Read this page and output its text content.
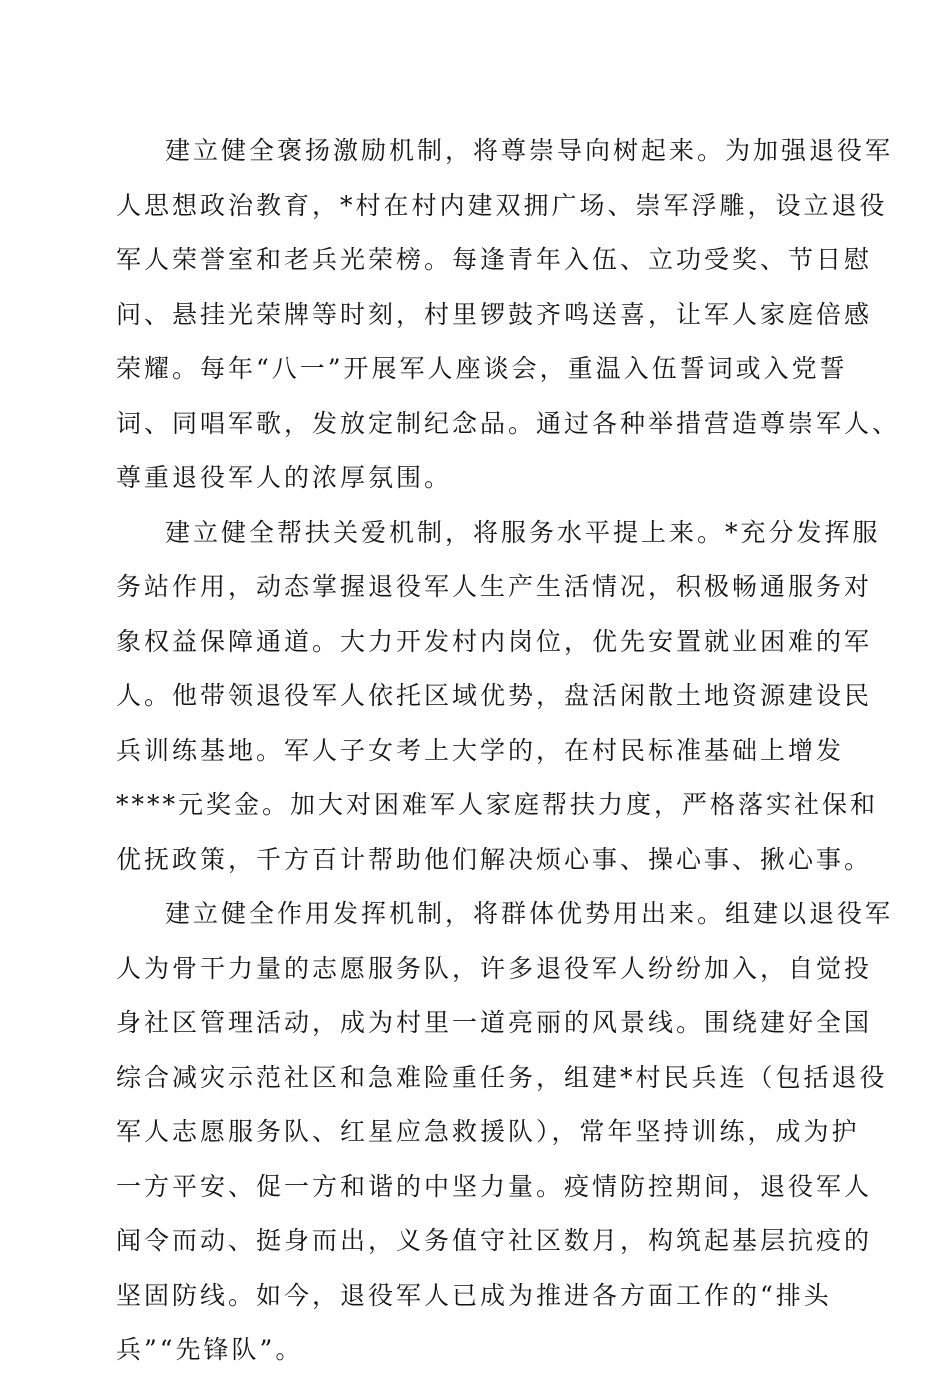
建立健全褒扬激励机制，将尊崇导向树起来。为加强退役军
人思想政治教育，*村在村内建双拥广场、崇军浮雕，设立退役
军人荣誉室和老兵光荣榜。每逢青年入伍、立功受奖、节日慰
问、悬挂光荣牌等时刻，村里锣鼓齐鸣送喜，让军人家庭倍感
荣耀。每年“八一”开展军人座谈会，重温入伍誓词或入党誓
词、同唱军歌，发放定制纪念品。通过各种举措营造尊崇军人、
尊重退役军人的浓厚氛围。
建立健全帮扶关爱机制，将服务水平提上来。*充分发挥服
务站作用，动态掌握退役军人生产生活情况，积极畅通服务对
象权益保障通道。大力开发村内岗位，优先安置就业困难的军
人。他带领退役军人依托区域优势，盘活闲散土地资源建设民
兵训练基地。军人子女考上大学的，在村民标准基础上增发
****元奖金。加大对困难军人家庭帮扶力度，严格落实社保和
优抚政策，千方百计帮助他们解决烦心事、操心事、揪心事。
建立健全作用发挥机制，将群体优势用出来。组建以退役军
人为骨干力量的志愿服务队，许多退役军人纷纷加入，自觉投
身社区管理活动，成为村里一道亮丽的风景线。围绕建好全国
综合减灾示范社区和急难险重任务，组建*村民兵连（包括退役
军人志愿服务队、红星应急救援队），常年坚持训练，成为护
一方平安、促一方和谐的中坚力量。疫情防控期间，退役军人
闻令而动、挺身而出，义务值守社区数月，构筑起基层抗疫的
坚固防线。如今，退役军人已成为推进各方面工作的“排头
兵”“先锋队”。
